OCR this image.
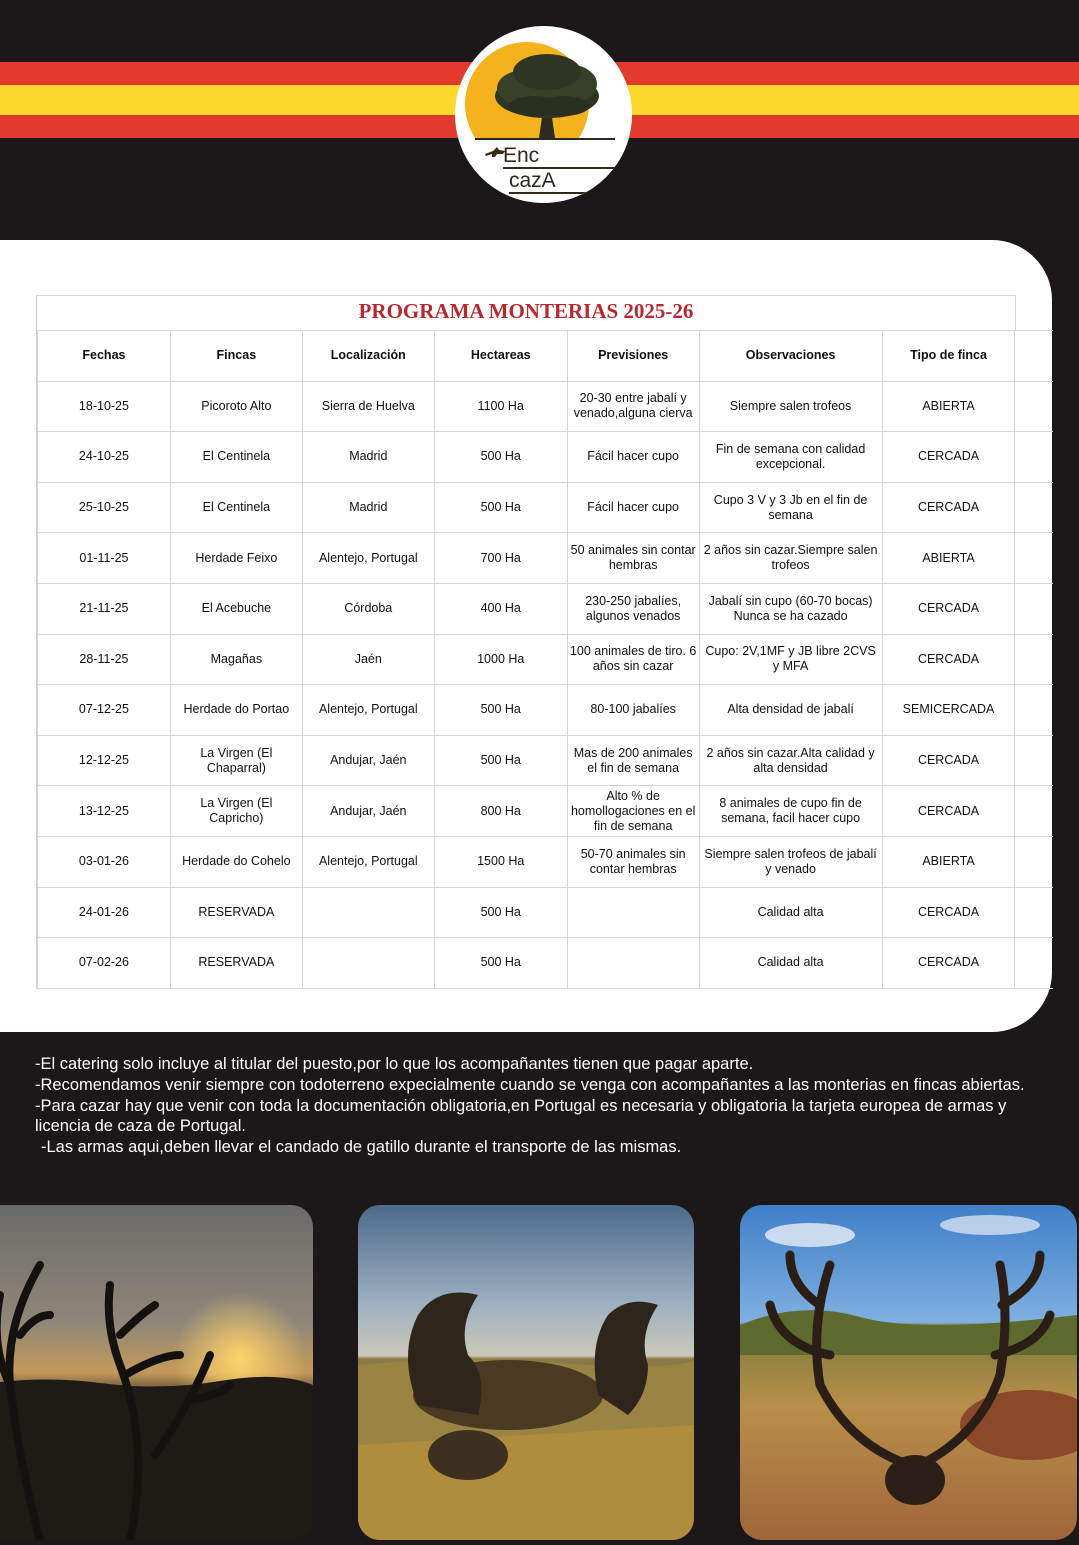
EnccazA
PROGRAMA MONTERIAS 2025-26
Fechas	Fincas	Localización	Hectareas	Previsiones	Observaciones	Tipo de finca	
18-10-25	Picoroto Alto	Sierra de Huelva	1100 Ha	20-30 entre jabalí y venado,alguna cierva	Siempre salen trofeos	ABIERTA	
24-10-25	El Centinela	Madrid	500 Ha	Fácil hacer cupo	Fin de semana con calidad excepcional.	CERCADA	
25-10-25	El Centinela	Madrid	500 Ha	Fácil hacer cupo	Cupo 3 V y 3 Jb en el fin de semana	CERCADA	
01-11-25	Herdade Feixo	Alentejo, Portugal	700 Ha	50 animales sin contar hembras	2 años sin cazar.Siempre salen trofeos	ABIERTA	
21-11-25	El Acebuche	Córdoba	400 Ha	230-250 jabalíes, algunos venados	Jabalí sin cupo (60-70 bocas) Nunca se ha cazado	CERCADA	
28-11-25	Magañas	Jaén	1000 Ha	100 animales de tiro. 6 años sin cazar	Cupo: 2V,1MF y JB libre 2CVS y MFA	CERCADA	
07-12-25	Herdade do Portao	Alentejo, Portugal	500 Ha	80-100 jabalíes	Alta densidad de jabalí	SEMICERCADA	
12-12-25	La Virgen (El Chaparral)	Andujar, Jaén	500 Ha	Mas de 200 animales el fin de semana	2 años sin cazar.Alta calidad y alta densidad	CERCADA	
13-12-25	La Virgen (El Capricho)	Andujar, Jaén	800 Ha	Alto % de homollogaciones en el fin de semana	8 animales de cupo fin de semana, facil hacer cupo	CERCADA	
03-01-26	Herdade do Cohelo	Alentejo, Portugal	1500 Ha	50-70 animales sin contar hembras	Siempre salen trofeos de jabalí y venado	ABIERTA	
24-01-26	RESERVADA		500 Ha		Calidad alta	CERCADA	
07-02-26	RESERVADA		500 Ha		Calidad alta	CERCADA	

-El catering solo incluye al titular del puesto,por lo que los acompañantes tienen que pagar aparte.

-Recomendamos venir siempre con todoterreno expecialmente cuando se venga con acompañantes a las monterias en fincas abiertas.

-Para cazar hay que venir con toda la documentación obligatoria,en Portugal es necesaria y obligatoria la tarjeta europea de armas y licencia de caza de Portugal.

-Las armas aqui,deben llevar el candado de gatillo durante el transporte de las mismas.
